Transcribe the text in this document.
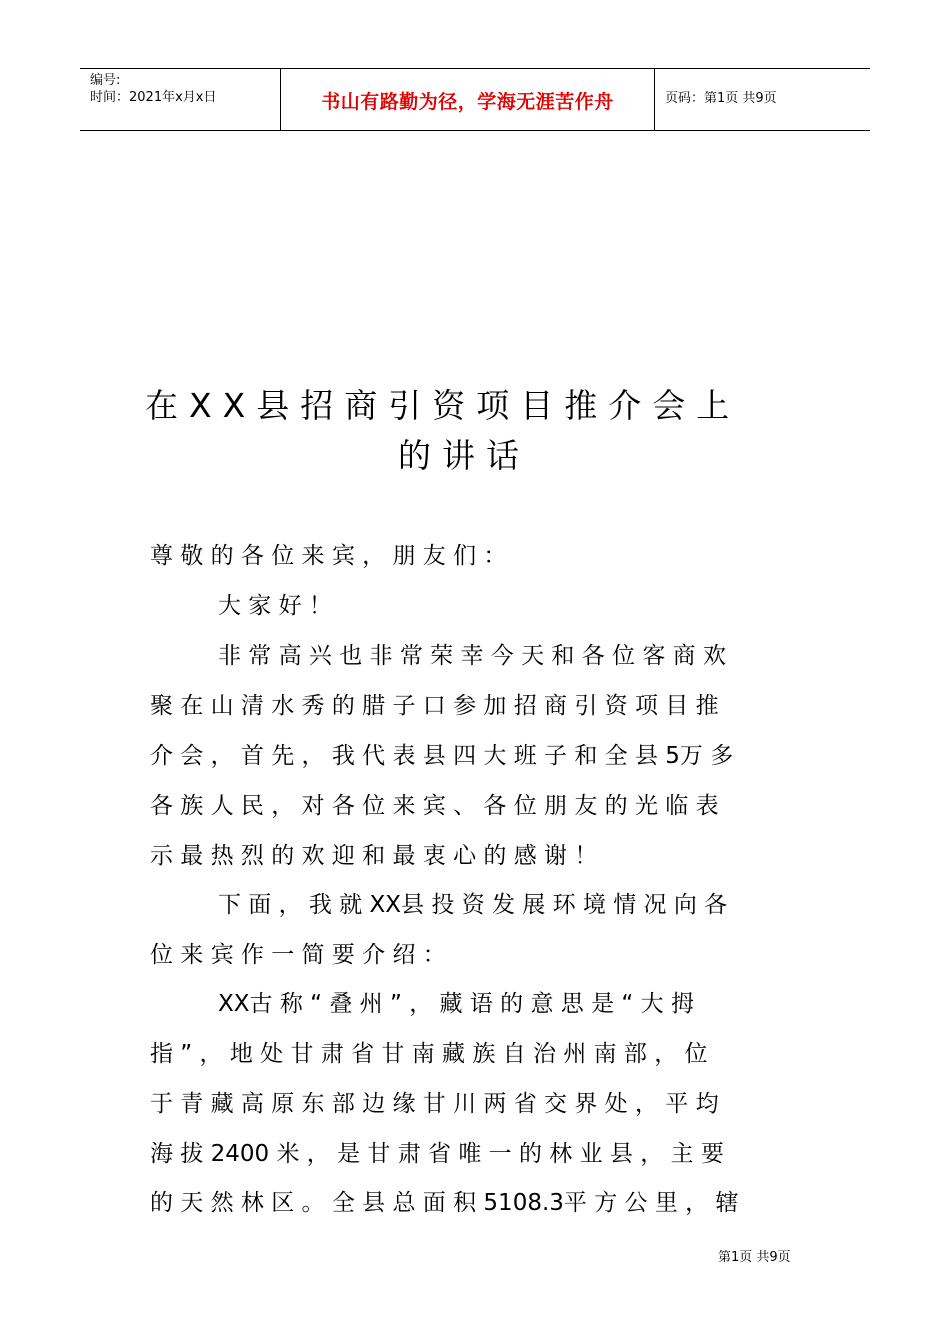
编号:
时间：2021年x月x日	书山有路勤为径，学海无涯苦作舟	页码：第1页 共9页
在XX县招商引资项目推介会上
的讲话
尊 敬 的 各 位 来 宾 ， 朋 友 们 ：
大 家 好 ！
非 常 高 兴 也 非 常 荣 幸 今 天 和 各 位 客 商 欢
聚 在 山 清 水 秀 的 腊 子 口 参 加 招 商 引 资 项 目 推
介 会 ， 首 先 ， 我 代 表 县 四 大 班 子 和 全 县 5万 多
各 族 人 民 ， 对 各 位 来 宾 、 各 位 朋 友 的 光 临 表
示 最 热 烈 的 欢 迎 和 最 衷 心 的 感 谢 ！
下 面 ， 我 就 XX县 投 资 发 展 环 境 情 况 向 各
位 来 宾 作 一 简 要 介 绍 ：
XX古 称 “ 叠 州 ” ， 藏 语 的 意 思 是 “ 大 拇
指 ” ， 地 处 甘 肃 省 甘 南 藏 族 自 治 州 南 部 ， 位
于 青 藏 高 原 东 部 边 缘 甘 川 两 省 交 界 处 ， 平 均
海 拔 2400 米 ， 是 甘 肃 省 唯 一 的 林 业 县 ， 主 要
的 天 然 林 区 。 全 县 总 面 积 5108.3平 方 公 里 ， 辖
第1页 共9页
